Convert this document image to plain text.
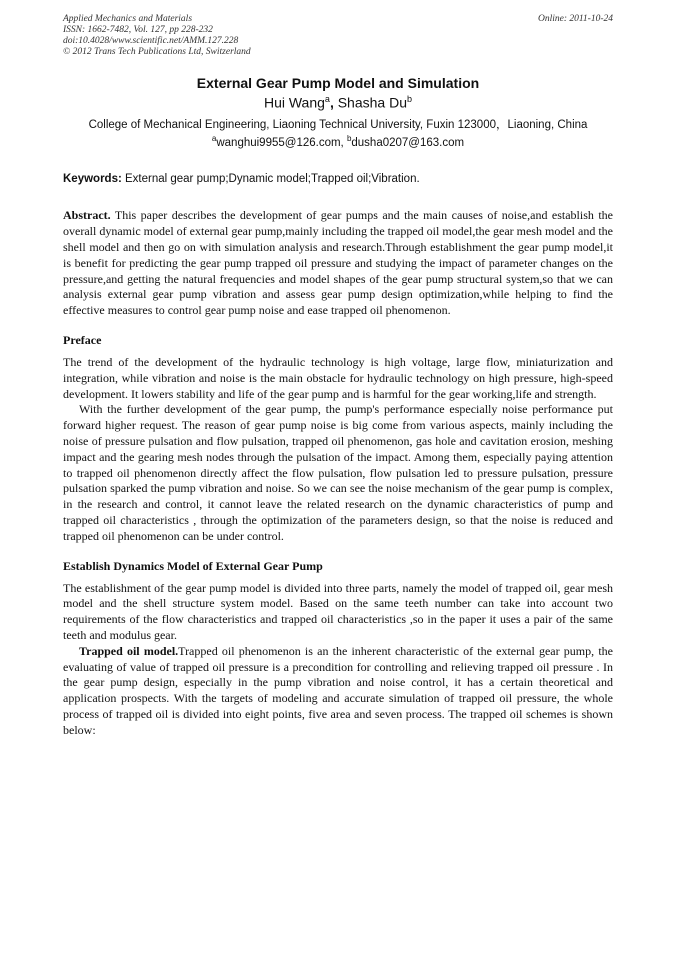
Applied Mechanics and Materials
ISSN: 1662-7482, Vol. 127, pp 228-232
doi:10.4028/www.scientific.net/AMM.127.228
© 2012 Trans Tech Publications Ltd, Switzerland
Online: 2011-10-24
External Gear Pump Model and Simulation
Hui Wang$^a$, Shasha Du$^b$
College of Mechanical Engineering, Liaoning Technical University, Fuxin 123000，Liaoning, China
$^a$wanghui9955@126.com, $^b$dusha0207@163.com
Keywords: External gear pump;Dynamic model;Trapped oil;Vibration.

Abstract. This paper describes the development of gear pumps and the main causes of noise,and establish the overall dynamic model of external gear pump,mainly including the trapped oil model,the gear mesh model and the shell model and then go on with simulation analysis and research.Through establishment the gear pump model,it is benefit for predicting the gear pump trapped oil pressure and studying the impact of parameter changes on the pressure,and getting the natural frequencies and model shapes of the gear pump structural system,so that we can analysis external gear pump vibration and assess gear pump design optimization,while helping to find the effective measures to control gear pump noise and ease trapped oil phenomenon.

Preface

The trend of the development of the hydraulic technology is high voltage, large flow, miniaturization and integration, while vibration and noise is the main obstacle for hydraulic technology on high pressure, high-speed development. It lowers stability and life of the gear pump and is harmful for the gear working,life and strength.

With the further development of the gear pump, the pump's performance especially noise performance put forward higher request. The reason of gear pump noise is big come from various aspects, mainly including the noise of pressure pulsation and flow pulsation, trapped oil phenomenon, gas hole and cavitation erosion, meshing impact and the gearing mesh nodes through the pulsation of the impact. Among them, especially paying attention to trapped oil phenomenon directly affect the flow pulsation, flow pulsation led to pressure pulsation, pressure pulsation sparked the pump vibration and noise. So we can see the noise mechanism of the gear pump is complex, in the research and control, it cannot leave the related research on the dynamic characteristics of pump and trapped oil characteristics , through the optimization of the parameters design, so that the noise is reduced and trapped oil phenomenon can be under control.

Establish Dynamics Model of External Gear Pump

The establishment of the gear pump model is divided into three parts, namely the model of trapped oil, gear mesh model and the shell structure system model. Based on the same teeth number can take into account two requirements of the flow characteristics and trapped oil characteristics ,so in the paper it uses a pair of the same teeth and modulus gear.

Trapped oil model.Trapped oil phenomenon is an the inherent characteristic of the external gear pump, the evaluating of value of trapped oil pressure is a precondition for controlling and relieving trapped oil pressure . In the gear pump design, especially in the pump vibration and noise control, it has a certain theoretical and application prospects. With the targets of modeling and accurate simulation of trapped oil pressure, the whole process of trapped oil is divided into eight points, five area and seven process. The trapped oil schemes is shown below:
